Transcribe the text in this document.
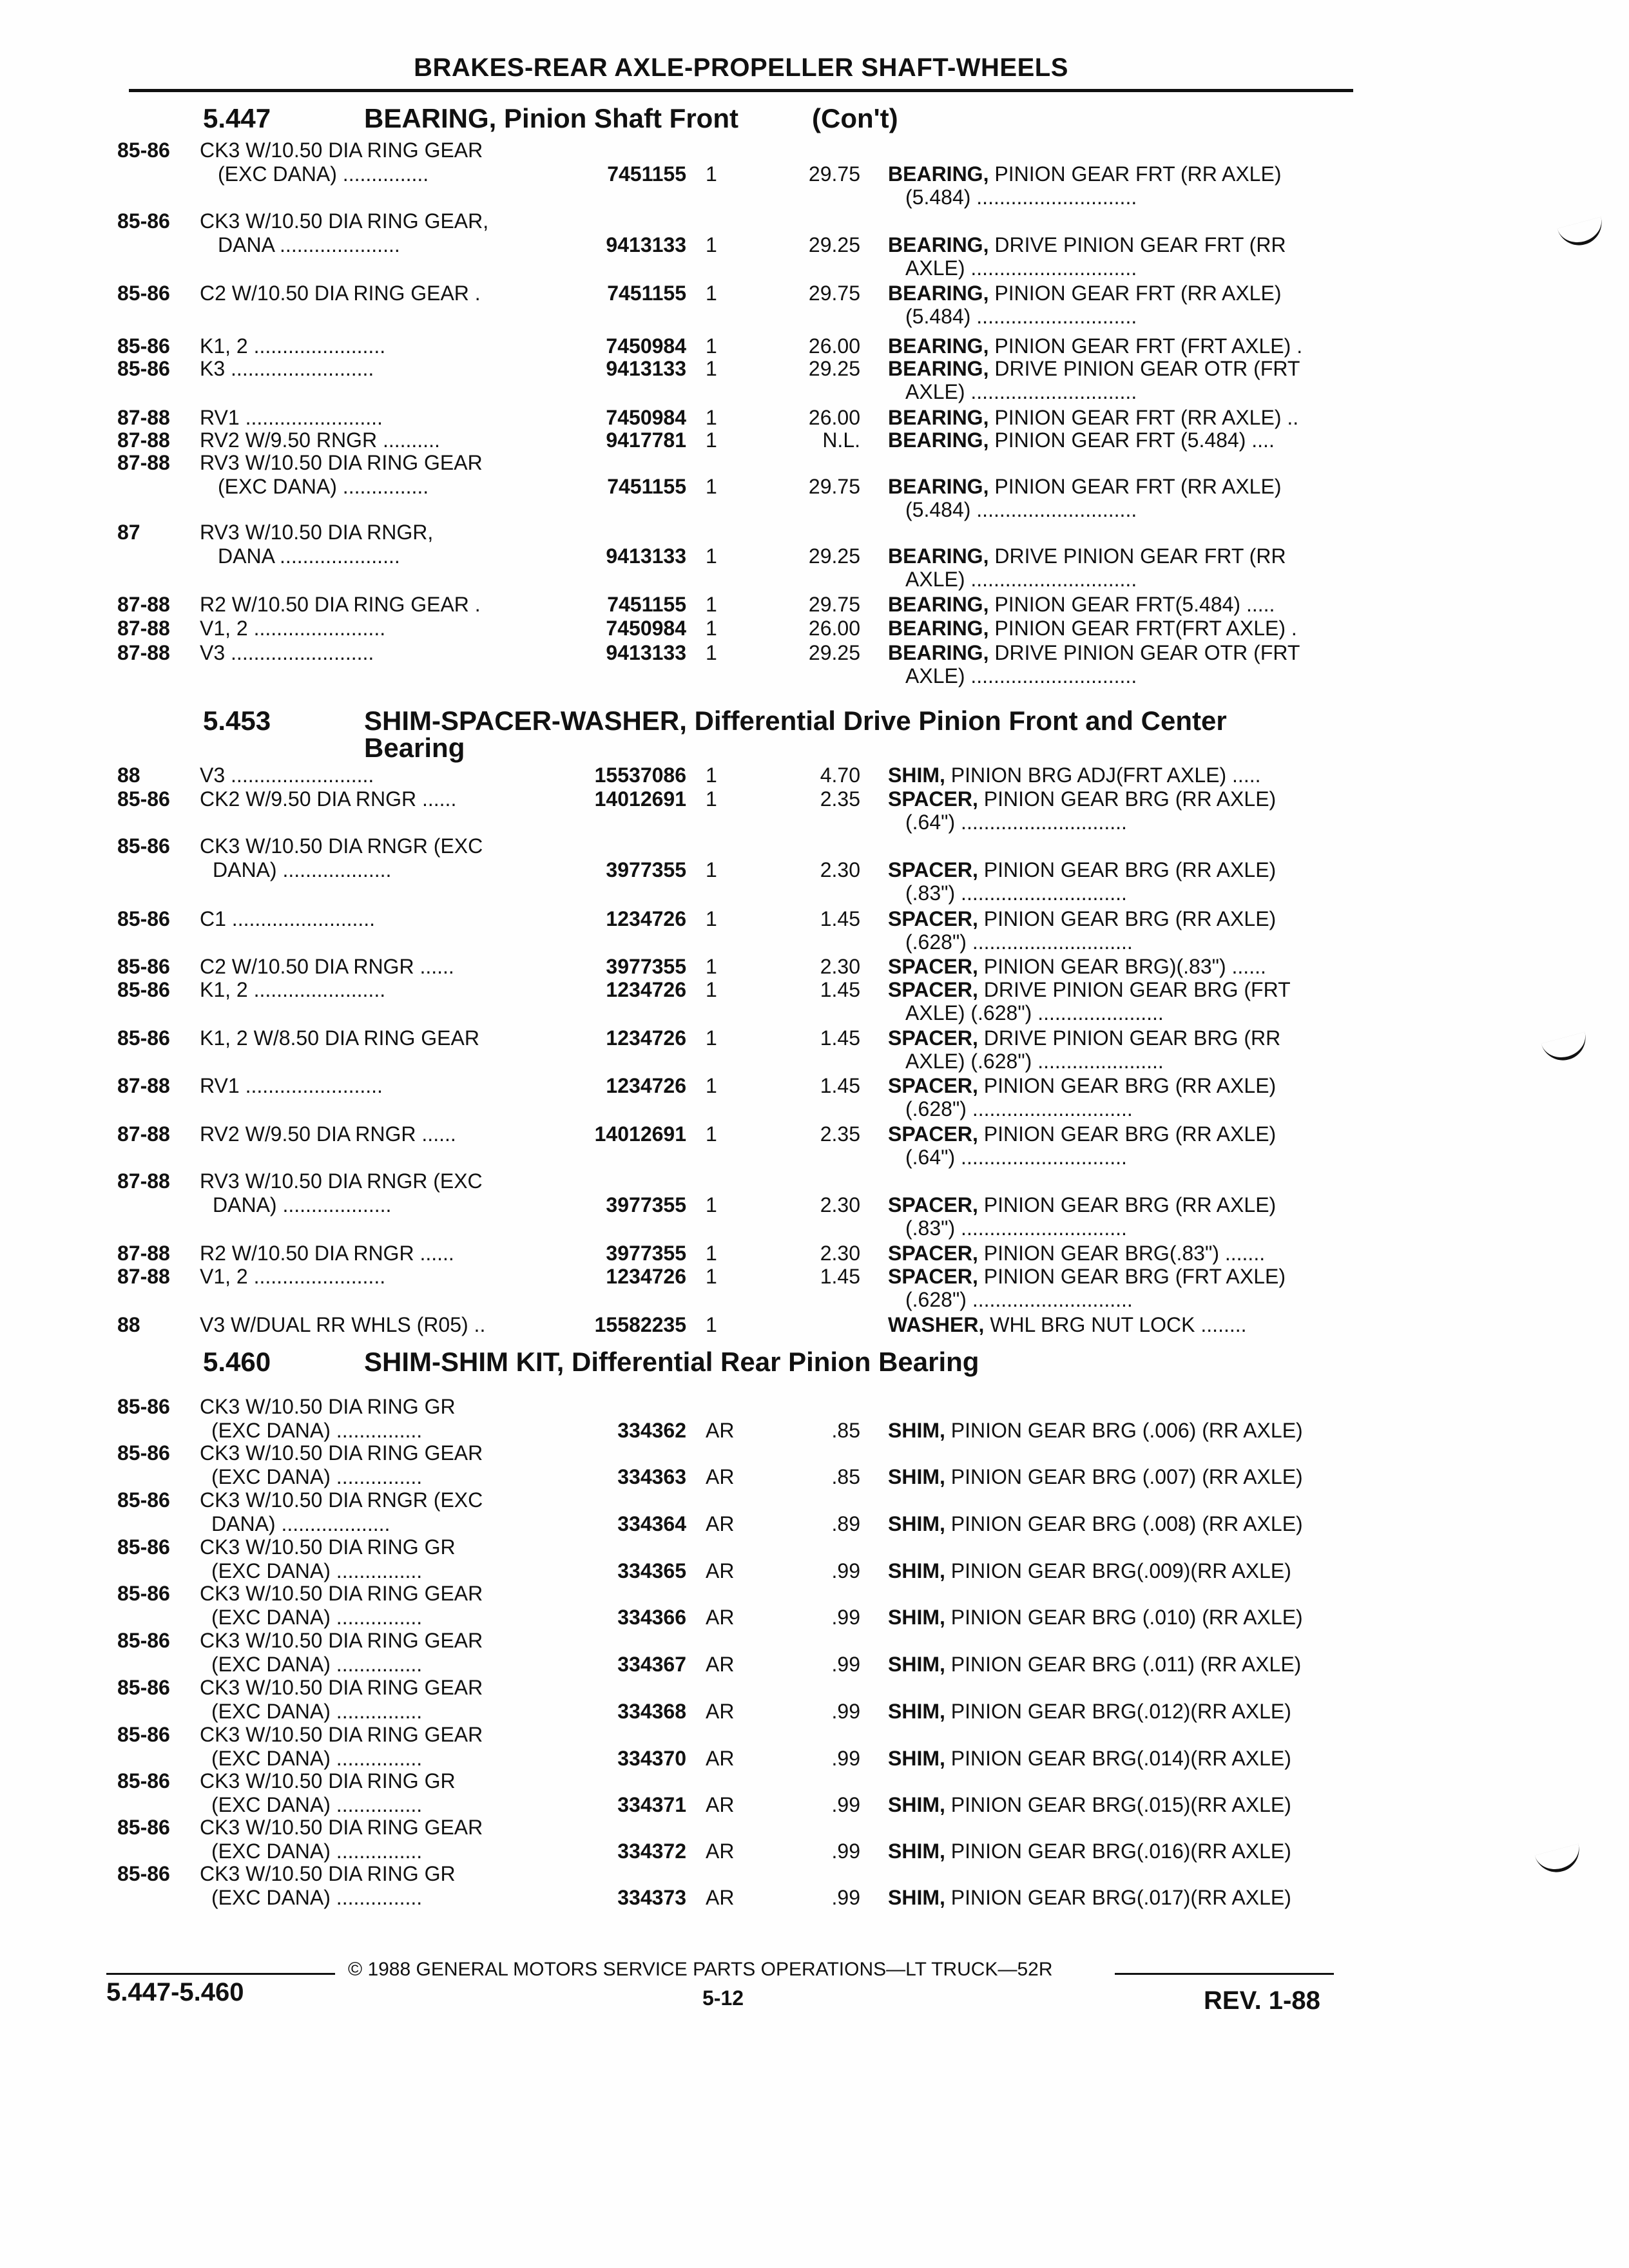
BRAKES-REAR AXLE-PROPELLER SHAFT-WHEELS
5.447	BEARING, Pinion Shaft Front	(Con't)
85-86 CK3 W/10.50 DIA RING GEAR
(EXC DANA) ...............	7451155 1	29.75 BEARING, PINION GEAR FRT (RR AXLE)
(5.484) ............................
85-86 CK3 W/10.50 DIA RING GEAR,
DANA .....................	9413133 1	29.25 BEARING, DRIVE PINION GEAR FRT (RR
AXLE) .............................
85-86 C2 W/10.50 DIA RING GEAR .	7451155 1	29.75 BEARING, PINION GEAR FRT (RR AXLE)
(5.484) ............................
85-86 K1, 2 .......................	7450984 1	26.00 BEARING, PINION GEAR FRT (FRT AXLE) .
85-86 K3 .........................	9413133 1	29.25 BEARING, DRIVE PINION GEAR OTR (FRT
AXLE) .............................
87-88 RV1 ........................	7450984 1	26.00 BEARING, PINION GEAR FRT (RR AXLE) ..
87-88 RV2 W/9.50 RNGR ..........	9417781 1	N.L. BEARING, PINION GEAR FRT (5.484) ....
87-88 RV3 W/10.50 DIA RING GEAR
(EXC DANA) ...............	7451155 1	29.75 BEARING, PINION GEAR FRT (RR AXLE)
(5.484) ............................
87	RV3 W/10.50 DIA RNGR,
DANA .....................	9413133 1	29.25 BEARING, DRIVE PINION GEAR FRT (RR
AXLE) .............................
87-88 R2 W/10.50 DIA RING GEAR .	7451155 1	29.75 BEARING, PINION GEAR FRT(5.484) .....
87-88 V1, 2 .......................	7450984 1	26.00 BEARING, PINION GEAR FRT(FRT AXLE) .
87-88 V3 .........................	9413133 1	29.25 BEARING, DRIVE PINION GEAR OTR (FRT
AXLE) .............................
5.453	SHIM-SPACER-WASHER, Differential Drive Pinion Front and Center
Bearing
88	V3 .........................	15537086 1	4.70 SHIM, PINION BRG ADJ(FRT AXLE) .....
85-86 CK2 W/9.50 DIA RNGR ......	14012691 1	2.35 SPACER, PINION GEAR BRG (RR AXLE)
(.64") .............................
85-86 CK3 W/10.50 DIA RNGR (EXC
DANA) ...................	3977355 1	2.30 SPACER, PINION GEAR BRG (RR AXLE)
(.83") .............................
85-86 C1 .........................	1234726 1	1.45 SPACER, PINION GEAR BRG (RR AXLE)
(.628") ............................
85-86 C2 W/10.50 DIA RNGR ......	3977355 1	2.30 SPACER, PINION GEAR BRG)(.83") ......
85-86 K1, 2 .......................	1234726 1	1.45 SPACER, DRIVE PINION GEAR BRG (FRT
AXLE) (.628") ......................
85-86 K1, 2 W/8.50 DIA RING GEAR	1234726 1	1.45 SPACER, DRIVE PINION GEAR BRG (RR
AXLE) (.628") ......................
87-88 RV1 ........................	1234726 1	1.45 SPACER, PINION GEAR BRG (RR AXLE)
(.628") ............................
87-88 RV2 W/9.50 DIA RNGR ......	14012691 1	2.35 SPACER, PINION GEAR BRG (RR AXLE)
(.64") .............................
87-88 RV3 W/10.50 DIA RNGR (EXC
DANA) ...................	3977355 1	2.30 SPACER, PINION GEAR BRG (RR AXLE)
(.83") .............................
87-88 R2 W/10.50 DIA RNGR ......	3977355 1	2.30 SPACER, PINION GEAR BRG(.83") .......
87-88 V1, 2 .......................	1234726 1	1.45 SPACER, PINION GEAR BRG (FRT AXLE)
(.628") ............................
88	V3 W/DUAL RR WHLS (R05) ..	15582235 1	WASHER, WHL BRG NUT LOCK ........
5.460	SHIM-SHIM KIT, Differential Rear Pinion Bearing
85-86 CK3 W/10.50 DIA RING GR
(EXC DANA) ...............	334362 AR	.85 SHIM, PINION GEAR BRG (.006) (RR AXLE)
85-86 CK3 W/10.50 DIA RING GEAR
(EXC DANA) ...............	334363 AR	.85 SHIM, PINION GEAR BRG (.007) (RR AXLE)
85-86 CK3 W/10.50 DIA RNGR (EXC
DANA) ...................	334364 AR	.89 SHIM, PINION GEAR BRG (.008) (RR AXLE)
85-86 CK3 W/10.50 DIA RING GR
(EXC DANA) ...............	334365 AR	.99 SHIM, PINION GEAR BRG(.009)(RR AXLE)
85-86 CK3 W/10.50 DIA RING GEAR
(EXC DANA) ...............	334366 AR	.99 SHIM, PINION GEAR BRG (.010) (RR AXLE)
85-86 CK3 W/10.50 DIA RING GEAR
(EXC DANA) ...............	334367 AR	.99 SHIM, PINION GEAR BRG (.011) (RR AXLE)
85-86 CK3 W/10.50 DIA RING GEAR
(EXC DANA) ...............	334368 AR	.99 SHIM, PINION GEAR BRG(.012)(RR AXLE)
85-86 CK3 W/10.50 DIA RING GEAR
(EXC DANA) ...............	334370 AR	.99 SHIM, PINION GEAR BRG(.014)(RR AXLE)
85-86 CK3 W/10.50 DIA RING GR
(EXC DANA) ...............	334371 AR	.99 SHIM, PINION GEAR BRG(.015)(RR AXLE)
85-86 CK3 W/10.50 DIA RING GEAR
(EXC DANA) ...............	334372 AR	.99 SHIM, PINION GEAR BRG(.016)(RR AXLE)
85-86 CK3 W/10.50 DIA RING GR
(EXC DANA) ...............	334373 AR	.99 SHIM, PINION GEAR BRG(.017)(RR AXLE)
5.447-5.460
© 1988 GENERAL MOTORS SERVICE PARTS OPERATIONS—LT TRUCK—52R
5-12	REV. 1-88
